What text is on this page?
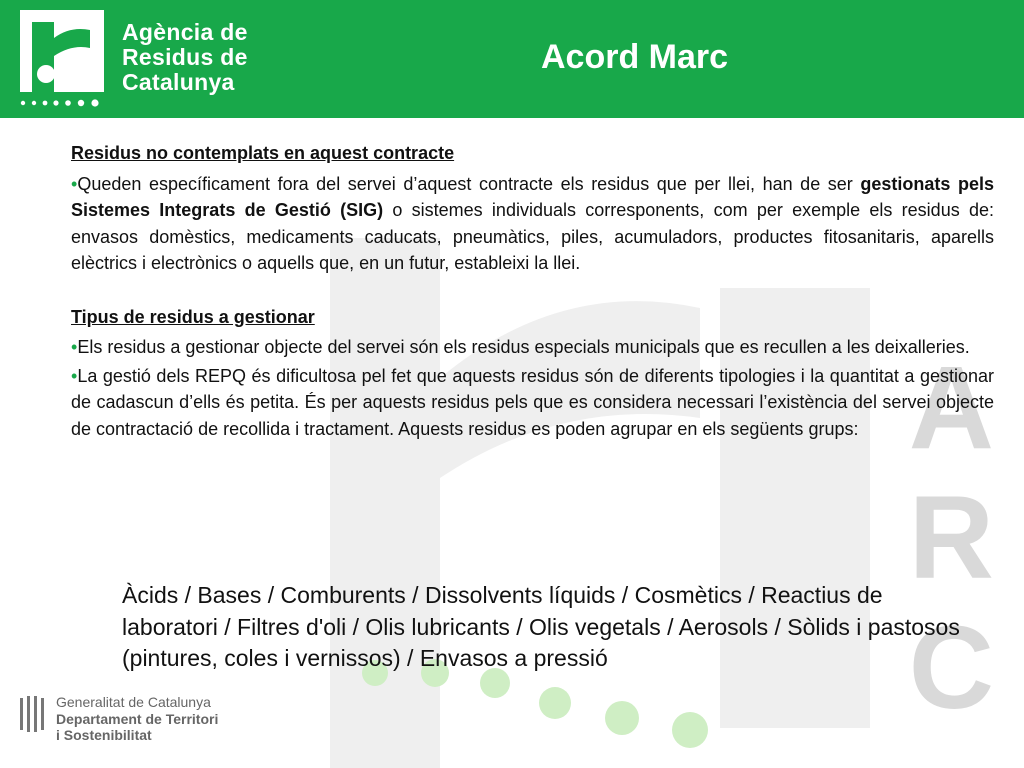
Agència de
Residus de
Catalunya
Acord Marc
A
R
C

Residus no contemplats en aquest contracte

•Queden específicament fora del servei d’aquest contracte els residus que per llei, han de ser gestionats pels Sistemes Integrats de Gestió (SIG) o sistemes individuals corresponents, com per exemple els residus de: envasos domèstics, medicaments caducats, pneumàtics, piles, acumuladors, productes fitosanitaris, aparells elèctrics i electrònics o aquells que, en un futur, estableixi la llei.

Tipus de residus a gestionar

•Els residus a gestionar objecte del servei són els residus especials municipals que es recullen a les deixalleries.

•La gestió dels REPQ és dificultosa pel fet que aquests residus són de diferents tipologies i la quantitat a gestionar de cadascun d’ells és petita. És per aquests residus pels que es considera necessari l’existència del servei objecte de contractació de recollida i tractament. Aquests residus es poden agrupar en els següents grups:

Àcids / Bases / Comburents / Dissolvents líquids / Cosmètics / Reactius de laboratori / Filtres d'oli / Olis lubricants / Olis vegetals / Aerosols / Sòlids i pastosos (pintures, coles i vernissos) / Envasos a pressió
Generalitat de Catalunya
Departament de Territori
i Sostenibilitat
